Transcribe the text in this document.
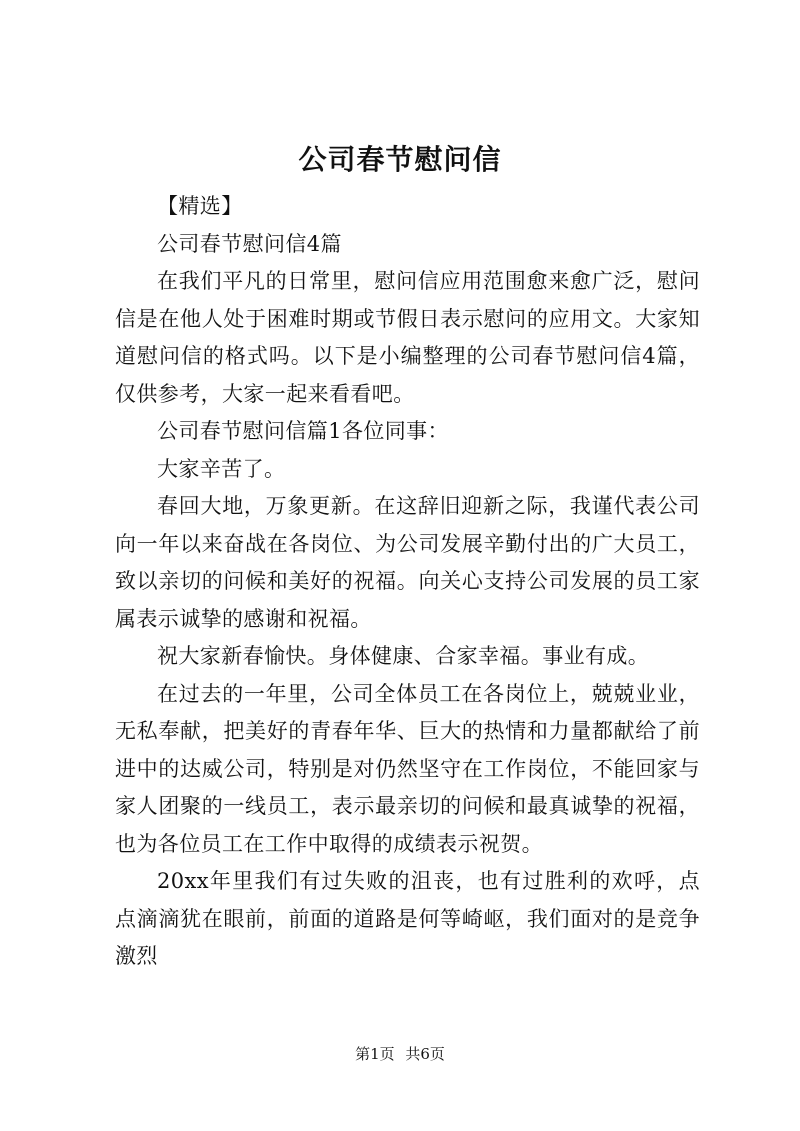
公司春节慰问信

【精选】

公司春节慰问信4篇

在我们平凡的日常里，慰问信应用范围愈来愈广泛，慰问信是在他人处于困难时期或节假日表示慰问的应用文。大家知道慰问信的格式吗。以下是小编整理的公司春节慰问信4篇，仅供参考，大家一起来看看吧。

公司春节慰问信篇1各位同事：

大家辛苦了。

春回大地，万象更新。在这辞旧迎新之际，我谨代表公司向一年以来奋战在各岗位、为公司发展辛勤付出的广大员工，致以亲切的问候和美好的祝福。向关心支持公司发展的员工家属表示诚挚的感谢和祝福。

祝大家新春愉快。身体健康、合家幸福。事业有成。

在过去的一年里，公司全体员工在各岗位上，兢兢业业，无私奉献，把美好的青春年华、巨大的热情和力量都献给了前进中的达威公司，特别是对仍然坚守在工作岗位，不能回家与家人团聚的一线员工，表示最亲切的问候和最真诚挚的祝福，也为各位员工在工作中取得的成绩表示祝贺。

20xx年里我们有过失败的沮丧，也有过胜利的欢呼，点点滴滴犹在眼前，前面的道路是何等崎岖，我们面对的是竞争激烈

第1页 共6页
